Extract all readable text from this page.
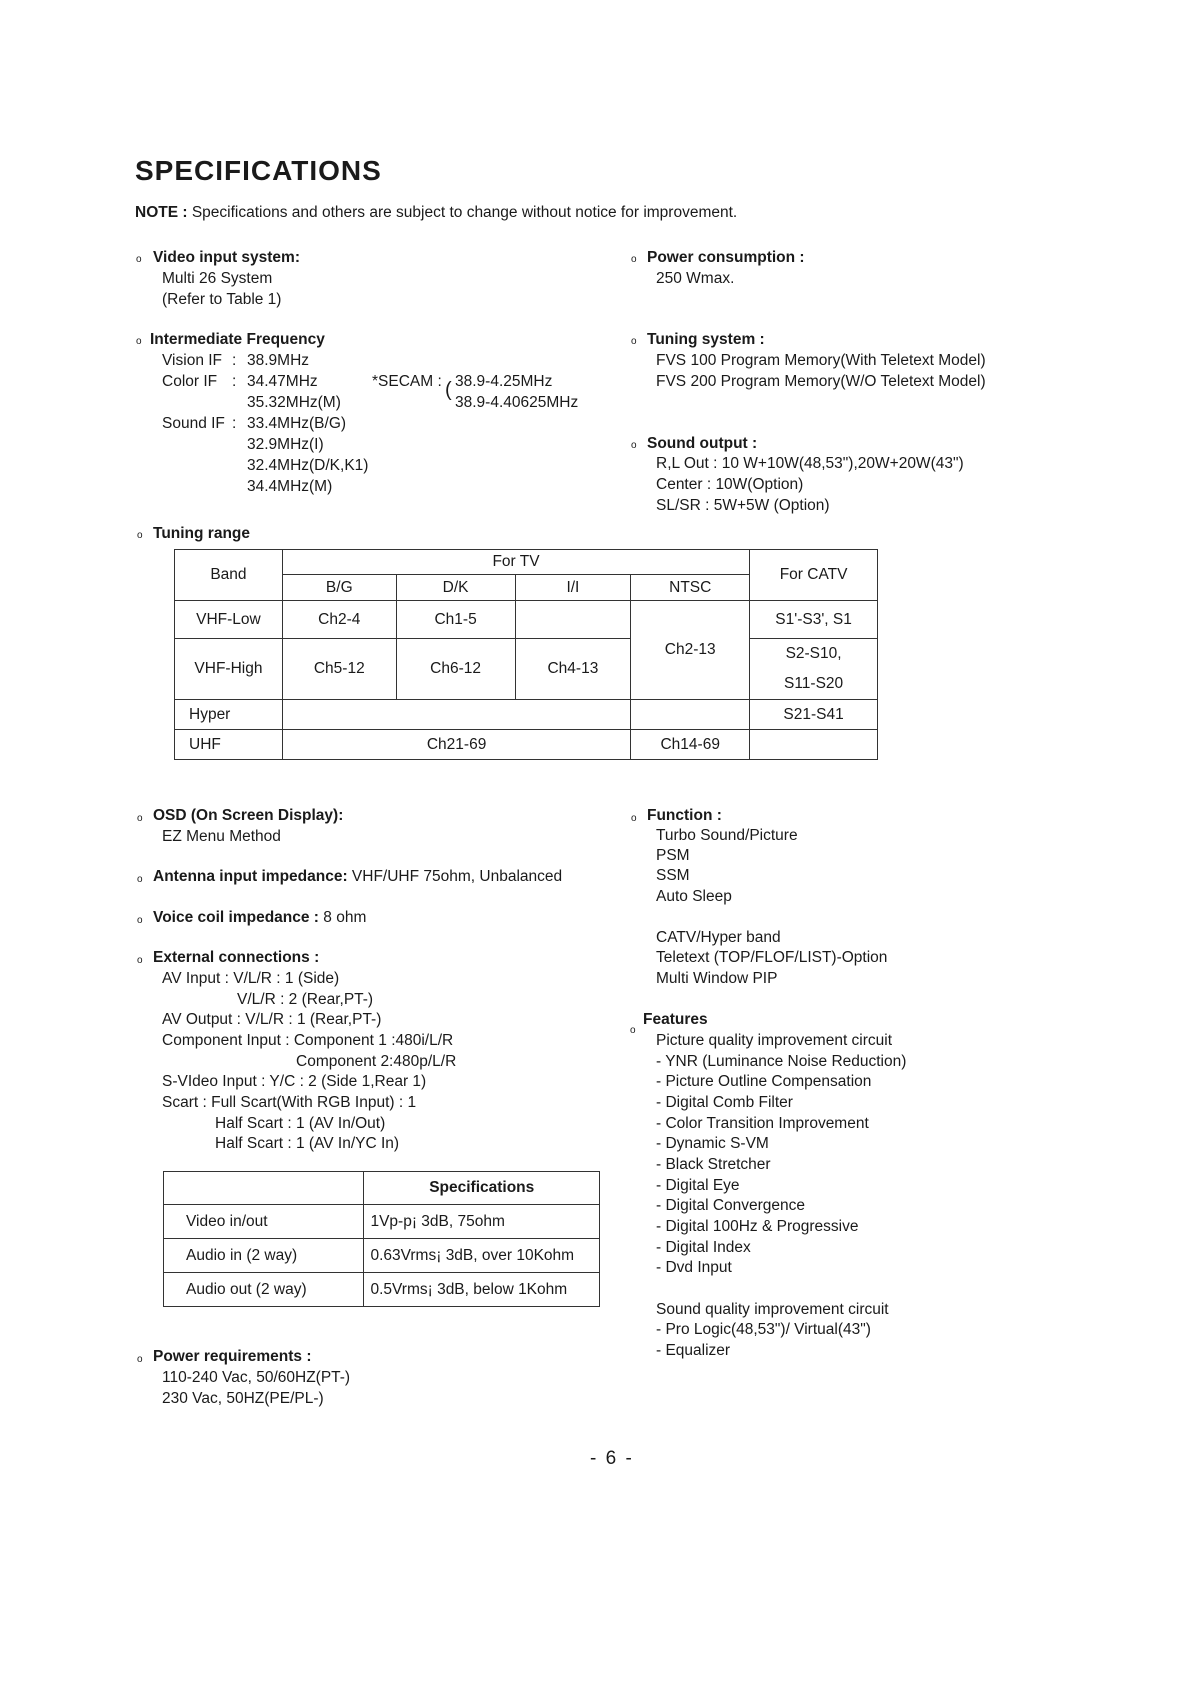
SPECIFICATIONS
NOTE : Specifications and others are subject to change without notice for improvement.
o Video input system:
Multi 26 System
(Refer to Table 1)
o Power consumption :
250 Wmax.
o Intermediate Frequency
Vision IF : 38.9MHz
Color IF : 34.47MHz
35.32MHz(M)
*SECAM : ( 38.9-4.25MHz
38.9-4.40625MHz
Sound IF : 33.4MHz(B/G)
32.9MHz(I)
32.4MHz(D/K,K1)
34.4MHz(M)
o Tuning system :
FVS 100 Program Memory(With Teletext Model)
FVS 200 Program Memory(W/O Teletext Model)
o Sound output :
R,L Out : 10 W+10W(48,53"),20W+20W(43")
Center : 10W(Option)
SL/SR : 5W+5W (Option)
o Tuning range
Band	For TV				For CATV
	B/G	D/K	I/I	NTSC	
VHF-Low	Ch2-4	Ch1-5		Ch2-13	S1'-S3', S1
VHF-High	Ch5-12	Ch6-12	Ch4-13		S2-S10,
S11-S20

Hyper					S21-S41
UHF	Ch21-69			Ch14-69	
o OSD (On Screen Display):
EZ Menu Method
o Antenna input impedance: VHF/UHF 75ohm, Unbalanced
o Voice coil impedance : 8 ohm
o External connections :
AV Input : V/L/R : 1 (Side)
V/L/R : 2 (Rear,PT-)
AV Output : V/L/R : 1 (Rear,PT-)
Component Input : Component 1 :480i/L/R
Component 2:480p/L/R
S-VIdeo Input : Y/C : 2 (Side 1,Rear 1)
Scart : Full Scart(With RGB Input) : 1
Half Scart : 1 (AV In/Out)
Half Scart : 1 (AV In/YC In)
	Specifications
Video in/out	1Vp-p¡ 3dB, 75ohm
Audio in (2 way)	0.63Vrms¡ 3dB, over 10Kohm
Audio out (2 way)	0.5Vrms¡ 3dB, below 1Kohm
o Power requirements :
110-240 Vac, 50/60HZ(PT-)
230 Vac, 50HZ(PE/PL-)
o Function :
Turbo Sound/Picture
PSM
SSM
Auto Sleep
CATV/Hyper band
Teletext (TOP/FLOF/LIST)-Option
Multi Window PIP
o
Features
Picture quality improvement circuit
- YNR (Luminance Noise Reduction)
- Picture Outline Compensation
- Digital Comb Filter
- Color Transition Improvement
- Dynamic S-VM
- Black Stretcher
- Digital Eye
- Digital Convergence
- Digital 100Hz & Progressive
- Digital Index
- Dvd Input
Sound quality improvement circuit
- Pro Logic(48,53")/ Virtual(43")
- Equalizer
- 6 -
